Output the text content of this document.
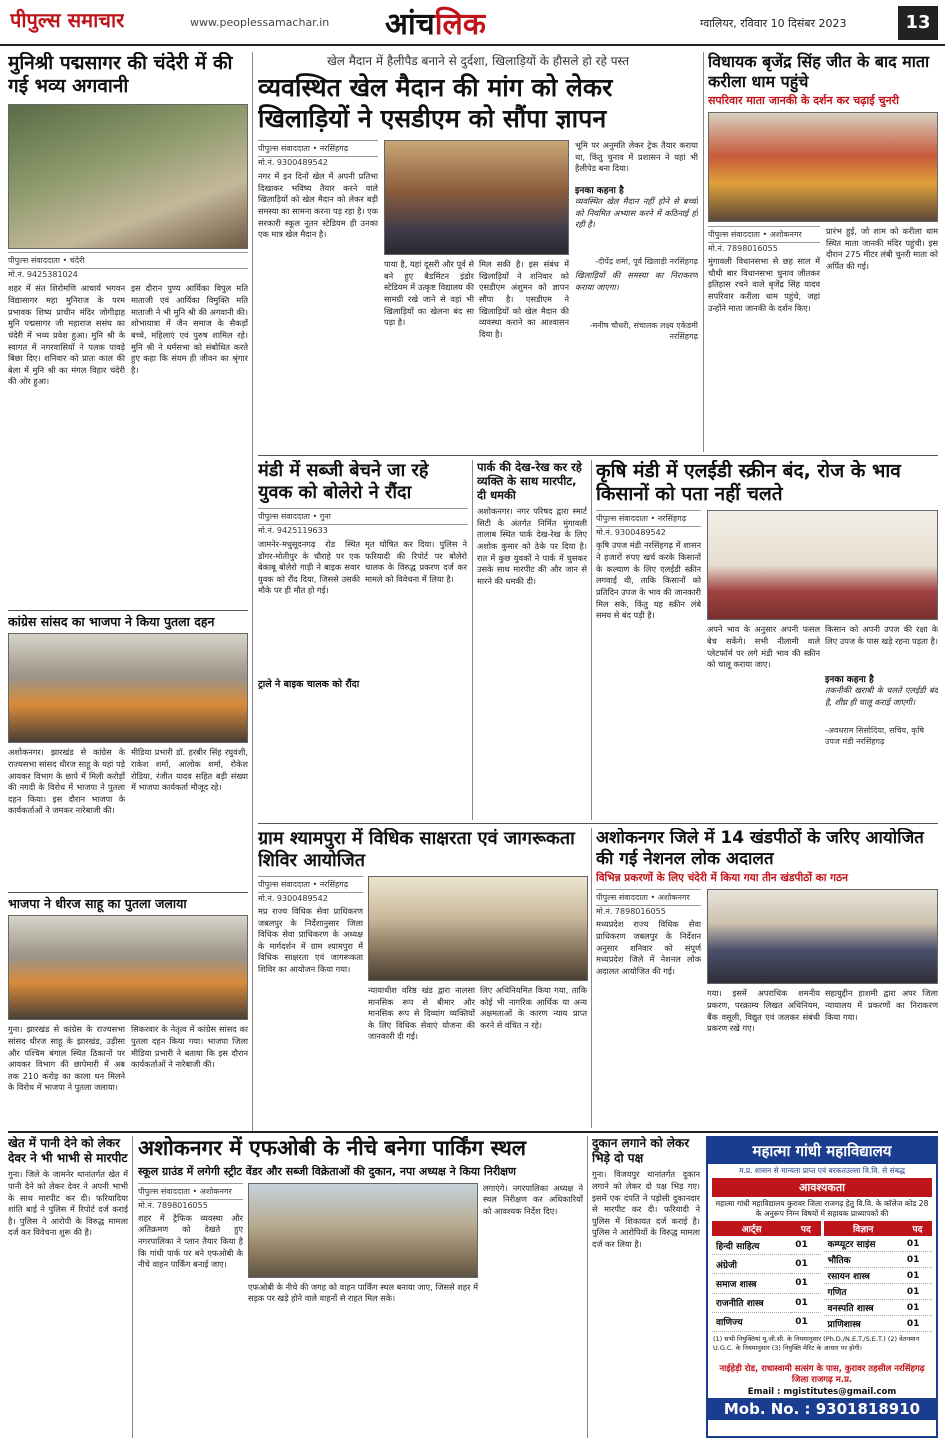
पीपुल्स समाचार	www.peoplessamachar.in आंचलिक	ग्वालियर, रविवार 10 दिसंबर 2023	13
मुनिश्री पद्मसागर की चंदेरी में की गई भव्य अगवानी
पीपुल्स संवाददाता • चंदेरी
मो.नं. 9425381024
शहर में संत शिरोमणि आचार्य भगवन विद्यासागर महा मुनिराज के परम प्रभावक शिष्य प्राचीन मंदिर जोगीड़ाह मुनि पद्मसागर जी महाराज ससंघ का चंदेरी में भव्य प्रवेश हुआ। मुनि श्री के स्वागत में नगरवासियों ने पलक पावड़े बिछा दिए। शनिवार को प्रातः काल की बेला में मुनि श्री का मंगल विहार चंदेरी की ओर हुआ।
इस दौरान पुण्य आर्यिका विपुल मति माताजी एवं आर्यिका विमुक्ति मति माताजी ने भी मुनि श्री की अगवानी की। शोभायात्रा में जैन समाज के सैकड़ों बच्चे, महिलाएं एवं पुरुष शामिल रहे। मुनि श्री ने धर्मसभा को संबोधित करते हुए कहा कि संयम ही जीवन का श्रृंगार है।
कांग्रेस सांसद का भाजपा ने किया पुतला दहन
अशोकनगर। झारखंड से कांग्रेस के राज्यसभा सांसद धीरज साहू के यहां पड़े आयकर विभाग के छापे में मिली करोड़ों की नगदी के विरोध में भाजपा ने पुतला दहन किया। इस दौरान भाजपा के कार्यकर्ताओं ने जमकर नारेबाजी की।
मीडिया प्रभारी डॉ. हरबीर सिंह रघुवंशी, राकेश शर्मा, आलोक शर्मा, रोकेश रोडिया, रंजीत यादव सहित बड़ी संख्या में भाजपा कार्यकर्ता मौजूद रहे।
भाजपा ने धीरज साहू का पुतला जलाया
गुना। झारखंड से कांग्रेस के राज्यसभा सांसद धीरज साहू के झारखंड, उड़ीसा और पश्चिम बंगाल स्थित ठिकानों पर आयकर विभाग की छापेमारी में अब तक 210 करोड़ का काला धन मिलने के विरोध में भाजपा ने पुतला जलाया।
सिकरवार के नेतृत्व में कांग्रेस सांसद का पुतला दहन किया गया। भाजपा जिला मीडिया प्रभारी ने बताया कि इस दौरान कार्यकर्ताओं ने नारेबाजी की।
खेल मैदान में हैलीपैड बनाने से दुर्दशा, खिलाड़ियों के हौसले हो रहे पस्त
व्यवस्थित खेल मैदान की मांग को लेकर खिलाड़ियों ने एसडीएम को सौंपा ज्ञापन
पीपुल्स संवाददाता • नरसिंहगढ़
मो.नं. 9300489542
नगर में इन दिनों खेल में अपनी प्रतिभा दिखाकर भविष्य तैयार करने वाले खिलाड़ियों को खेल मैदान को लेकर बड़ी समस्या का सामना करना पड़ रहा है। एक सरकारी स्कूल नूतन स्टेडियम ही उनका एक मात्र खेल मैदान है।
पाया है, यहां दूसरी और पूर्व से बने हुए बैडमिंटन इंडोर स्टेडियम में उत्कृष्ट विद्यालय की सामग्री रखे जाने से वहां भी खिलाड़ियों का खेलना बंद सा पड़ा है।
मिल सकी है। इस संबंध में खिलाड़ियों ने शनिवार को एसडीएम अंशुमन को ज्ञापन सौंपा है। एसडीएम ने खिलाड़ियों को खेल मैदान की व्यवस्था कराने का आश्वासन दिया है।
भूमि पर अनुमति लेकर ट्रेक तैयार कराया था, किंतु चुनाव में प्रशासन ने यहां भी हैलीपेड बना दिया।
इनका कहना है
व्यवस्थित खेल मैदान नहीं होने से बच्चों को नियमित अभ्यास करने में कठिनाई हो रही है।
-दीपेंद्र शर्मा, पूर्व खिलाड़ी नरसिंहगढ़
खिलाड़ियों की समस्या का निराकरण कराया जाएगा।
-मनीष चौधरी, संचालक लक्ष्य एकेडमी नरसिंहगढ़
विधायक बृजेंद्र सिंह जीत के बाद माता करीला धाम पहुंचे
सपरिवार माता जानकी के दर्शन कर चढ़ाई चुनरी
पीपुल्स संवाददाता • अशोकनगर
मो.नं. 7898016055
मुंगावली विधानसभा से छह साल में चौथी बार विधानसभा चुनाव जीतकर इतिहास रचने वाले बृजेंद्र सिंह यादव सपरिवार करीला धाम पहुंचे, जहां उन्होंने माता जानकी के दर्शन किए।
प्रारंभ हुई, जो शाम को करीला धाम स्थित माता जानकी मंदिर पहुंची। इस दौरान 275 मीटर लंबी चुनरी माता को अर्पित की गई।
मंडी में सब्जी बेचने जा रहे युवक को बोलेरो ने रौंदा
पीपुल्स संवाददाता • गुना
मो.नं. 9425119633
जामनेर-मधुसूदनगढ़ रोड स्थित डोंगर-मोतीपुर के चौराहे पर एक बेकाबू बोलेरो गाड़ी ने बाइक सवार युवक को रौंद दिया, जिससे उसकी मौके पर ही मौत हो गई।
ट्राले ने बाइक चालक को रौंदा
मृत घोषित कर दिया। पुलिस ने फरियादी की रिपोर्ट पर बोलेरो चालक के विरुद्ध प्रकरण दर्ज कर मामले को विवेचना में लिया है।
पार्क की देख-रेख कर रहे व्यक्ति के साथ मारपीट, दी धमकी
अशोकनगर। नगर परिषद द्वारा स्मार्ट सिटी के अंतर्गत निर्मित मुंगावली तालाब स्थित पार्क देख-रेख के लिए अशोक कुमार को ठेके पर दिया है। रात में कुछ युवकों ने पार्क में घुसकर उसके साथ मारपीट की और जान से मारने की धमकी दी।
कृषि मंडी में एलईडी स्क्रीन बंद, रोज के भाव किसानों को पता नहीं चलते
पीपुल्स संवाददाता • नरसिंहगढ़
मो.नं. 9300489542
कृषि उपज मंडी नरसिंहगढ़ में शासन ने हजारों रुपए खर्च करके किसानों के कल्याण के लिए एलईडी स्क्रीन लगवाई थी, ताकि किसानों को प्रतिदिन उपज के भाव की जानकारी मिल सके, किंतु यह स्क्रीन लंबे समय से बंद पड़ी है।
अपने भाव के अनुसार अपनी फसल बेच सकेंगे। सभी नीलामी वाले प्लेटफॉर्म पर लगे मंडी भाव की स्क्रीन को चालू कराया जाए।
किसान को अपनी उपज की रक्षा के लिए उपज के पास खड़े रहना पड़ता है।
इनका कहना है
तकनीकी खराबी के चलते एलईडी बंद है, शीघ्र ही चालू कराई जाएगी।
-अवधराम सिसोदिया, सचिव, कृषि उपज मंडी नरसिंहगढ़
ग्राम श्यामपुरा में विधिक साक्षरता एवं जागरूकता शिविर आयोजित
पीपुल्स संवाददाता • नरसिंहगढ़
मो.नं. 9300489542
मप्र राज्य विधिक सेवा प्राधिकरण जबलपुर के निर्देशानुसार जिला विधिक सेवा प्राधिकरण के अध्यक्ष के मार्गदर्शन में ग्राम श्यामपुरा में विधिक साक्षरता एवं जागरूकता शिविर का आयोजन किया गया।
न्यायाधीश वरिष्ठ खंड द्वारा नालसा मानसिक रूप से बीमार और मानसिक रूप से दिव्यांग व्यक्तियों के लिए विधिक सेवाएं योजना की जानकारी दी गई।
लिए अधिनियमित किया गया, ताकि कोई भी नागरिक आर्थिक या अन्य अक्षमताओं के कारण न्याय प्राप्त करने से वंचित न रहे।
अशोकनगर जिले में 14 खंडपीठों के जरिए आयोजित की गई नेशनल लोक अदालत
विभिन्न प्रकरणों के लिए चंदेरी में किया गया तीन खंडपीठों का गठन
पीपुल्स संवाददाता • अशोकनगर
मो.नं. 7898016055
मध्यप्रदेश राज्य विधिक सेवा प्राधिकरण जबलपुर के निर्देशन अनुसार शनिवार को संपूर्ण मध्यप्रदेश जिले में नेशनल लोक अदालत आयोजित की गई।
गया। इसमें अपराधिक शमनीय प्रकरण, परक्राम्य लिखत अधिनियम, बैंक वसूली, विद्युत एवं जलकर संबंधी प्रकरण रखे गए।
सहायुद्दीन हाशमी द्वारा अपर जिला न्यायालय में प्रकरणों का निराकरण किया गया।
खेत में पानी देने को लेकर देवर ने भी भाभी से मारपीट
गुना। जिले के जामनेर थानांतर्गत खेत में पानी देने को लेकर देवर ने अपनी भाभी के साथ मारपीट कर दी। फरियादिया शांति बाई ने पुलिस में रिपोर्ट दर्ज कराई है। पुलिस ने आरोपी के विरुद्ध मामला दर्ज कर विवेचना शुरू की है।
अशोकनगर में एफओबी के नीचे बनेगा पार्किंग स्थल
स्कूल ग्राउंड में लगेगी स्ट्रीट वेंडर और सब्जी विक्रेताओं की दुकान, नपा अध्यक्ष ने किया निरीक्षण
पीपुल्स संवाददाता • अशोकनगर
मो.नं. 7898016055
शहर में ट्रैफिक व्यवस्था और अतिक्रमण को देखते हुए नगरपालिका ने प्लान तैयार किया है कि गांधी पार्क पर बने एफओबी के नीचे वाहन पार्किंग बनाई जाए।
एफओबी के नीचे की जगह को वाहन पार्किंग स्थल बनाया जाए, जिससे शहर में सड़क पर खड़े होने वाले वाहनों से राहत मिल सके।
लगाएंगे। नगरपालिका अध्यक्ष ने स्थल निरीक्षण कर अधिकारियों को आवश्यक निर्देश दिए।
दुकान लगाने को लेकर भिड़े दो पक्ष
गुना। विजयपुर थानांतर्गत दुकान लगाने को लेकर दो पक्ष भिड़ गए। इसमें एक दंपति ने पड़ोसी दुकानदार से मारपीट कर दी। फरियादी ने पुलिस में शिकायत दर्ज कराई है। पुलिस ने आरोपियों के विरुद्ध मामला दर्ज कर लिया है।
महात्मा गांधी महाविद्यालय
म.प्र. शासन से मान्यता प्राप्त एवं बरकतउल्ला वि.वि. से संबद्ध
आवश्यकता
महात्मा गांधी महाविद्यालय कुरावर जिला राजगढ़ हेतु वि.वि. के कॉलेज कोड 28 के अनुरूप निम्न विषयों में सहायक प्राध्यापकों की
आर्ट्स	पद
हिन्दी साहित्य	01
अंग्रेजी	01
समाज शास्त्र	01
राजनीति शास्त्र	01
वाणिज्य	01
विज्ञान	पद
कम्प्यूटर साइंस	01
भौतिक	01
रसायन शास्त्र	01
गणित	01
वनस्पति शास्त्र	01
प्राणिशास्त्र	01
(1) सभी नियुक्तियां यू.जी.सी. के नियमानुसार (Ph.D./N.E.T./S.E.T.) (2) वेतनमान U.G.C. के नियमानुसार (3) नियुक्ति मेरिट के आधार पर होगी।
नाईहेड़ी रोड, राधास्वामी सत्संग के पास, कुरावर तहसील नरसिंहगढ़ जिला राजगढ़ म.प्र.
Email : mgistitutes@gmail.com
Mob. No. : 9301818910
